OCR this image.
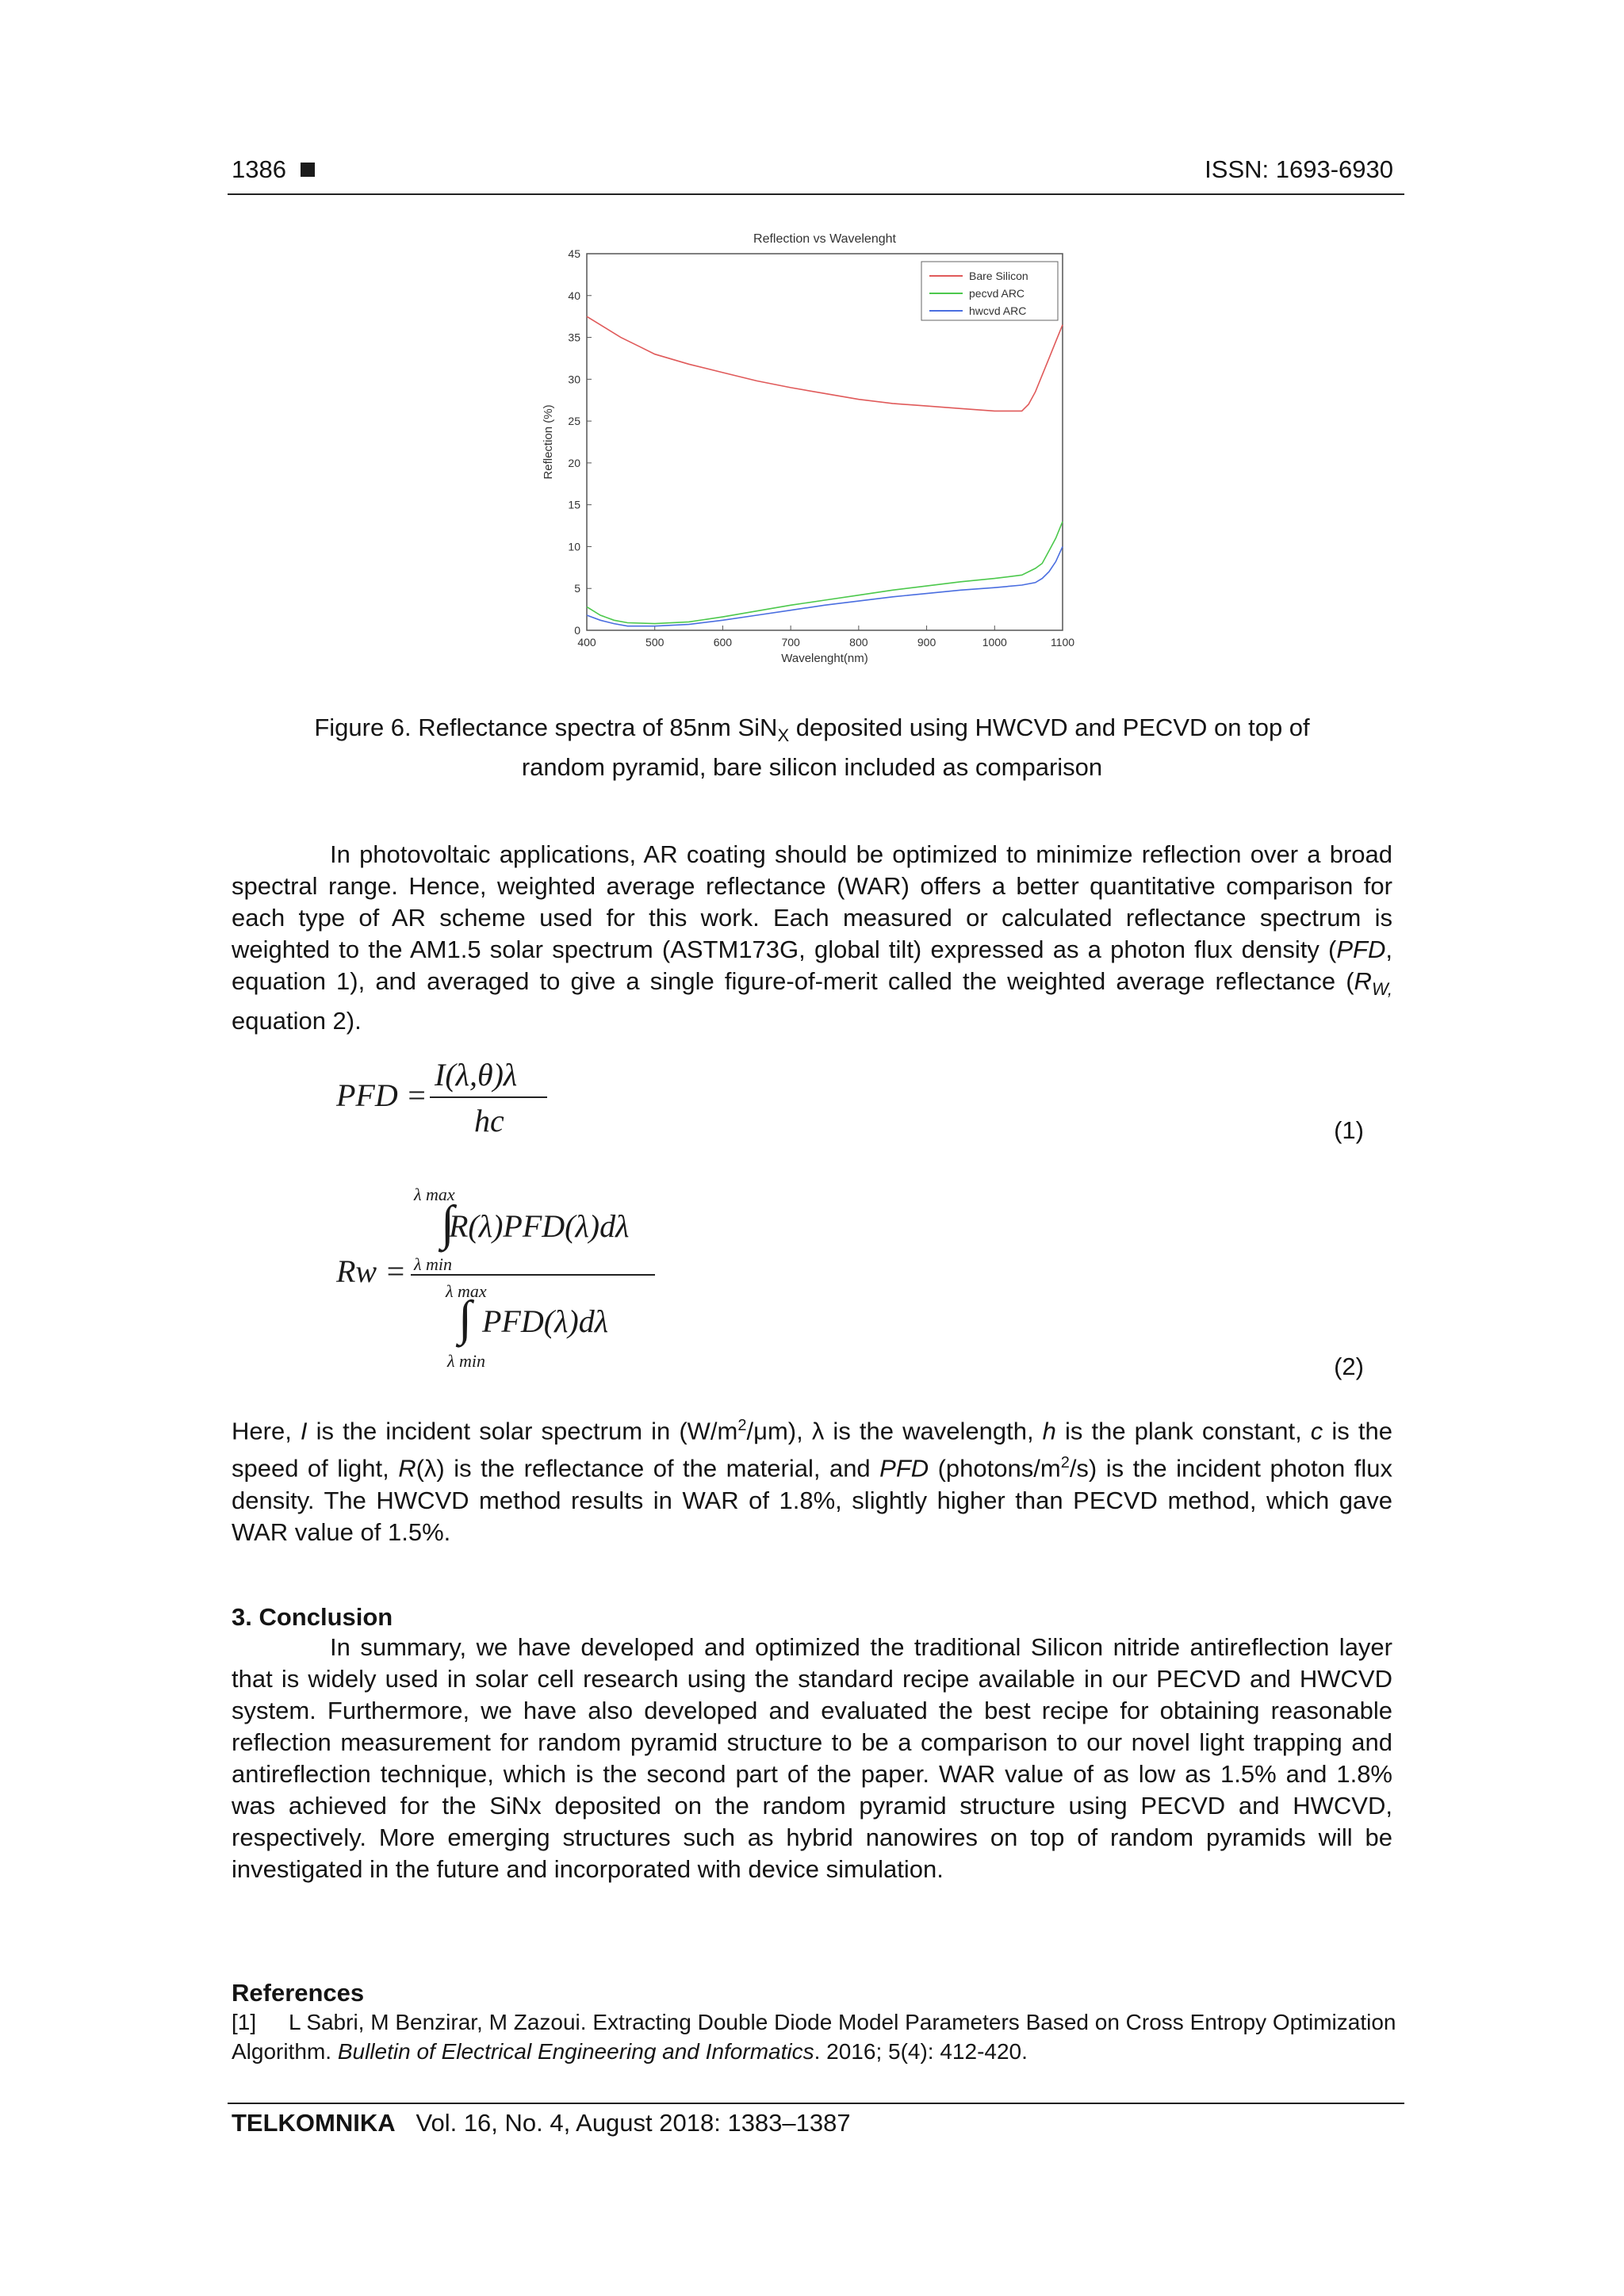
1386	ISSN: 1693-6930
Reflection vs Wavelenght
400	500	600	700	800	900	1000	1100
0
5
10
15
20
25
30
35
40
45
Wavelenght(nm)
Reflection (%)
Bare Silicon
pecvd ARC
hwcvd ARC
Figure 6. Reflectance spectra of 85nm SiN$_X$ deposited using HWCVD and PECVD on top of
random pyramid, bare silicon included as comparison
In photovoltaic applications, AR coating should be optimized to minimize reflection over a broad spectral range. Hence, weighted average reflectance (WAR) offers a better quantitative comparison for each type of AR scheme used for this work. Each measured or calculated reflectance spectrum is weighted to the AM1.5 solar spectrum (ASTM173G, global tilt) expressed as a photon flux density (PFD, equation 1), and averaged to give a single figure-of-merit called the weighted average reflectance ($R_{W,}$ equation 2).
PFD =
I(λ,θ)λ
hc	(1)
Rw =
λ max
∫
R(λ)PFD(λ)dλ
λ min
λ max
∫ PFD(λ)dλ
λ min	(2)
Here, I is the incident solar spectrum in $(W/m^2/\mu m)$, λ is the wavelength, h is the plank constant, c is the speed of light, R(λ) is the reflectance of the material, and PFD $(photons/m^2/s)$ is the incident photon flux density. The HWCVD method results in WAR of 1.8%, slightly higher than PECVD method, which gave WAR value of 1.5%.
3. Conclusion
In summary, we have developed and optimized the traditional Silicon nitride antireflection layer that is widely used in solar cell research using the standard recipe available in our PECVD and HWCVD system. Furthermore, we have also developed and evaluated the best recipe for obtaining reasonable reflection measurement for random pyramid structure to be a comparison to our novel light trapping and antireflection technique, which is the second part of the paper. WAR value of as low as 1.5% and 1.8% was achieved for the SiNx deposited on the random pyramid structure using PECVD and HWCVD, respectively. More emerging structures such as hybrid nanowires on top of random pyramids will be investigated in the future and incorporated with device simulation.
References
[1] L Sabri, M Benzirar, M Zazoui. Extracting Double Diode Model Parameters Based on Cross Entropy Optimization Algorithm. Bulletin of Electrical Engineering and Informatics. 2016; 5(4): 412-420.
TELKOMNIKA Vol. 16, No. 4, August 2018: 1383–1387
